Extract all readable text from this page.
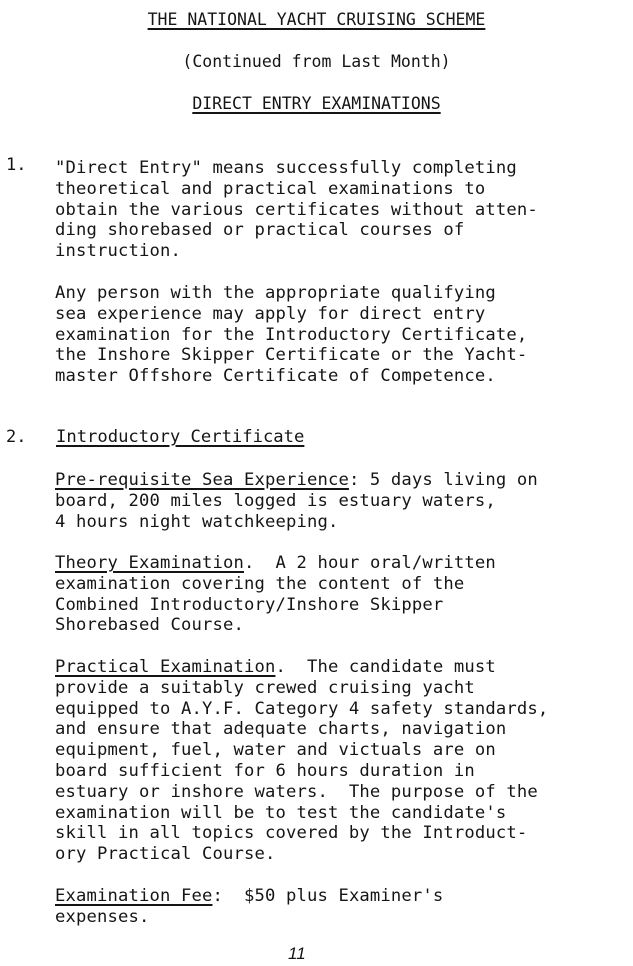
THE NATIONAL YACHT CRUISING SCHEME
(Continued from Last Month)
DIRECT ENTRY EXAMINATIONS
1. "Direct Entry" means successfully completing
theoretical and practical examinations to
obtain the various certificates without atten-
ding shorebased or practical courses of
instruction.
Any person with the appropriate qualifying
sea experience may apply for direct entry
examination for the Introductory Certificate,
the Inshore Skipper Certificate or the Yacht-
master Offshore Certificate of Competence.
2. Introductory Certificate
Pre-requisite Sea Experience: 5 days living on
board, 200 miles logged is estuary waters,
4 hours night watchkeeping.
Theory Examination.  A 2 hour oral/written
examination covering the content of the
Combined Introductory/Inshore Skipper
Shorebased Course.
Practical Examination.  The candidate must
provide a suitably crewed cruising yacht
equipped to A.Y.F. Category 4 safety standards,
and ensure that adequate charts, navigation
equipment, fuel, water and victuals are on
board sufficient for 6 hours duration in
estuary or inshore waters.  The purpose of the
examination will be to test the candidate's
skill in all topics covered by the Introduct-
ory Practical Course.
Examination Fee:  $50 plus Examiner's
expenses.
11
